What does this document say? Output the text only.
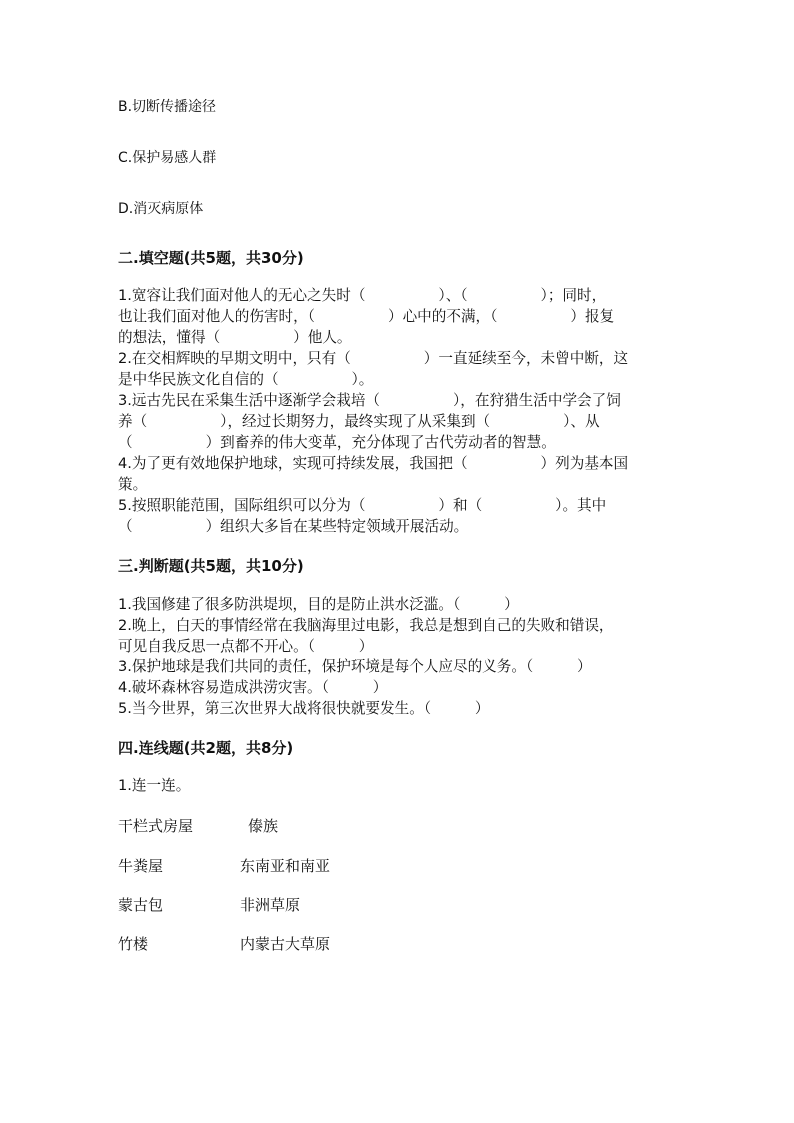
B.切断传播途径
C.保护易感人群
D.消灭病原体
二.填空题(共5题，共30分)
1.宽容让我们面对他人的无心之失时（　　　　　）、（　　　　　）；同时，
也让我们面对他人的伤害时，（　　　　　）心中的不满，（　　　　　）报复
的想法，懂得（　　　　　）他人。
2.在交相辉映的早期文明中，只有（　　　　　）一直延续至今，未曾中断，这
是中华民族文化自信的（　　　　　）。
3.远古先民在采集生活中逐渐学会栽培（　　　　　），在狩猎生活中学会了饲
养（　　　　　），经过长期努力，最终实现了从采集到（　　　　　）、从
（　　　　　）到畜养的伟大变革，充分体现了古代劳动者的智慧。
4.为了更有效地保护地球，实现可持续发展，我国把（　　　　　）列为基本国
策。
5.按照职能范围，国际组织可以分为（　　　　　）和（　　　　　）。其中
（　　　　　）组织大多旨在某些特定领域开展活动。
三.判断题(共5题，共10分)
1.我国修建了很多防洪堤坝，目的是防止洪水泛滥。（　　　）
2.晚上，白天的事情经常在我脑海里过电影，我总是想到自己的失败和错误，
可见自我反思一点都不开心。（　　　）
3.保护地球是我们共同的责任，保护环境是每个人应尽的义务。（　　　）
4.破坏森林容易造成洪涝灾害。（　　　）
5.当今世界，第三次世界大战将很快就要发生。（　　　）
四.连线题(共2题，共8分)
1.连一连。
干栏式房屋	傣族
牛粪屋	东南亚和南亚
蒙古包	非洲草原
竹楼	内蒙古大草原
